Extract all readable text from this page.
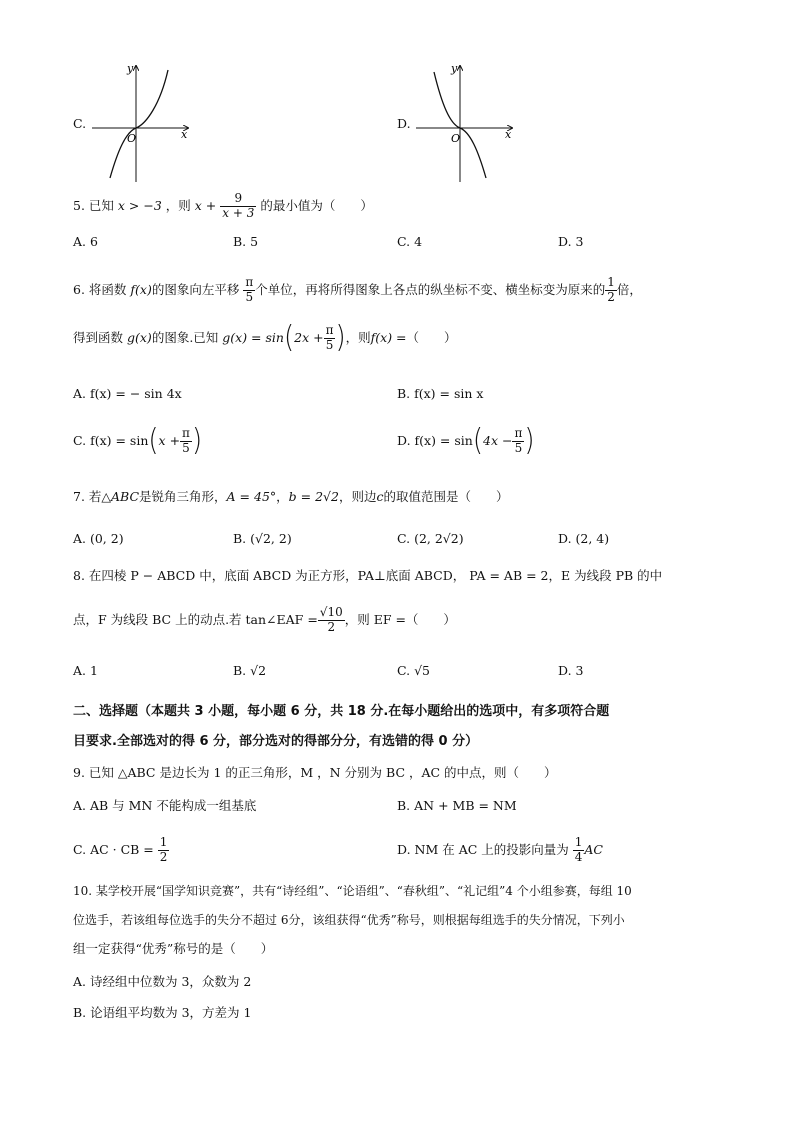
C.
x
y
O
D.
x
y
O
5. 已知 x > −3 ，则 $x + \frac{9}{x + 3}$ 的最小值为（　　）
A. 6	B. 5	C. 4	D. 3
6. 将函数 f(x)的图象向左平移 $\frac{\pi}{5}$ 个单位，再将所得图象上各点的纵坐标不变、横坐标变为原来的 $\frac{1}{2}$ 倍，
得到函数 g(x)的图象.已知 $g(x) = \sin(2x + \frac{\pi}{5}$ )，则f(x) =（　　）
A. f(x) = − sin 4x	B. f(x) = sin x
C. $f(x) = \sin(x + \frac{\pi}{5}$ )	D. $f(x) = \sin(4x - \frac{\pi}{5}$ )
7. 若△ABC是锐角三角形，A = 45°，b = 2√2，则边c的取值范围是（　　）
A. (0, 2)	B. (√2, 2)	C. (2, 2√2)	D. (2, 4)
8. 在四棱 P − ABCD 中，底面 ABCD 为正方形，PA⊥底面 ABCD， PA = AB = 2，E 为线段 PB 的中
点，F 为线段 BC 上的动点.若 tan∠EAF = $\frac{√10}{2}$ ，则 EF =（　　）
A. 1	B. √2	C. √5	D. 3
二、选择题（本题共 3 小题，每小题 6 分，共 18 分.在每小题给出的选项中，有多项符合题
目要求.全部选对的得 6 分，部分选对的得部分分，有选错的得 0 分）
9. 已知 △ABC 是边长为 1 的正三角形，M ，N 分别为 BC ，AC 的中点，则（　　）
A. AB 与 MN 不能构成一组基底	B. AN + MB = NM
C. AC · CB = $\frac{1}{2}$	D. NM 在 AC 上的投影向量为 $\frac{1}{4}$ AC
10. 某学校开展“国学知识竞赛”，共有“诗经组”、“论语组”、“春秋组”、“礼记组”4 个小组参赛，每组 10
位选手，若该组每位选手的失分不超过 6分，该组获得“优秀”称号，则根据每组选手的失分情况，下列小
组一定获得“优秀”称号的是（　　）
A. 诗经组中位数为 3，众数为 2
B. 论语组平均数为 3，方差为 1
